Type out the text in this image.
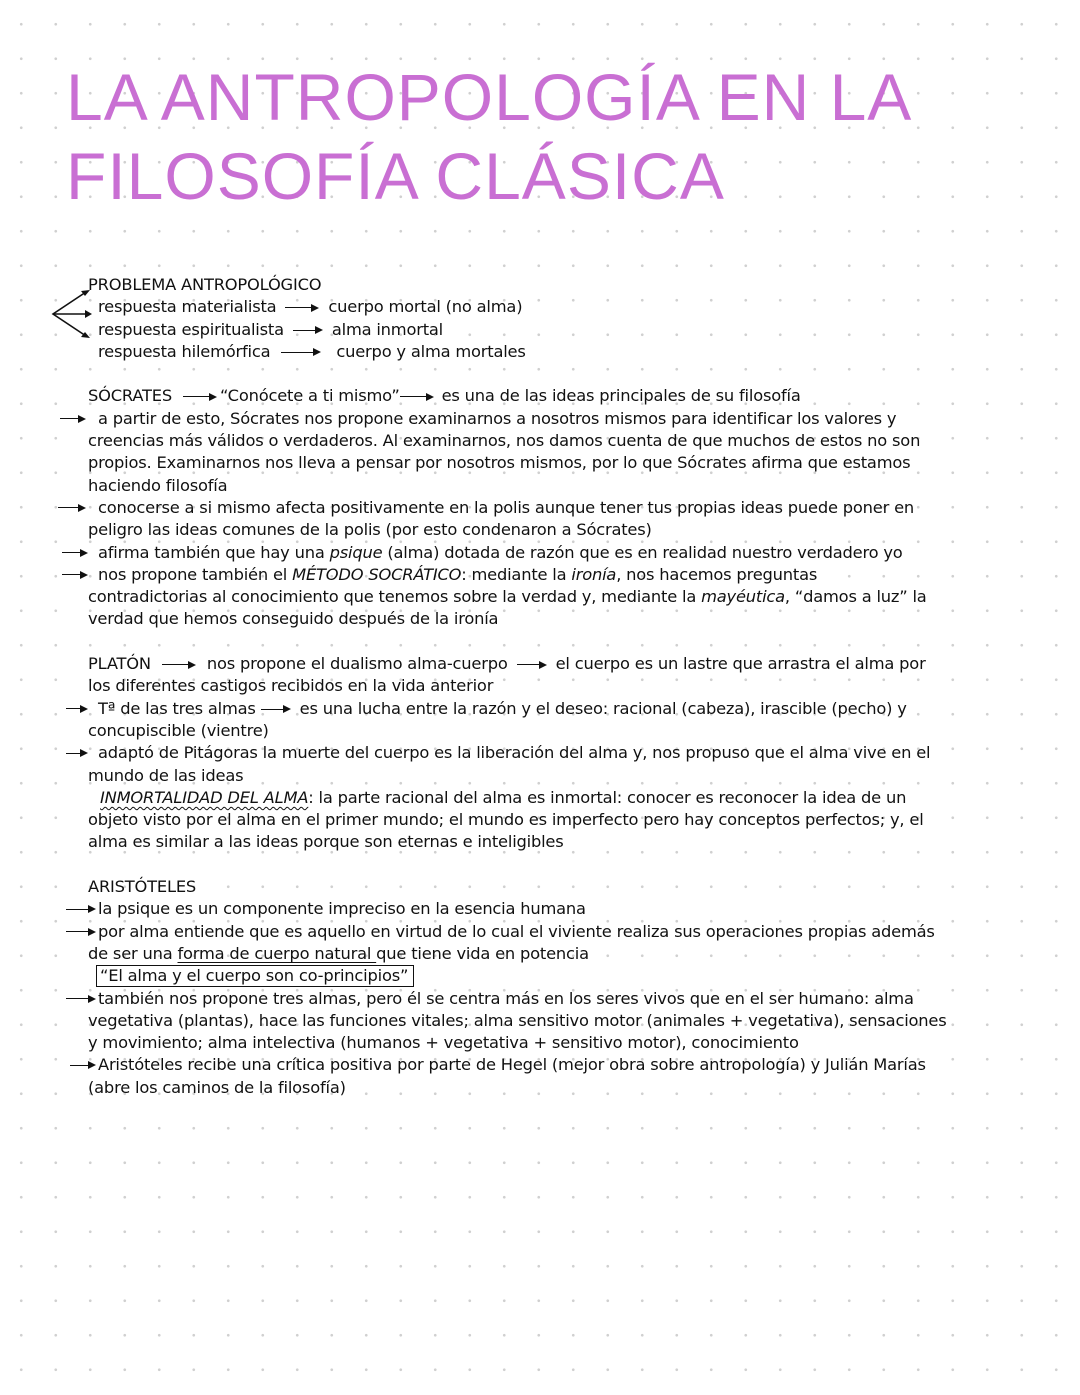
LA ANTROPOLOGÍA EN LA
FILOSOFÍA CLÁSICA
PROBLEMA ANTROPOLÓGICO
respuesta materialista	cuerpo mortal (no alma)
respuesta espiritualista	alma inmortal
respuesta hilemórfica	cuerpo y alma mortales
SÓCRATES	“Conócete a ti mismo”	es una de las ideas principales de su filosofía
a partir de esto, Sócrates nos propone examinarnos a nosotros mismos para identificar los valores y
creencias más válidos o verdaderos. Al examinarnos, nos damos cuenta de que muchos de estos no son
propios. Examinarnos nos lleva a pensar por nosotros mismos, por lo que Sócrates afirma que estamos
haciendo filosofía
conocerse a si mismo afecta positivamente en la polis aunque tener tus propias ideas puede poner en
peligro las ideas comunes de la polis (por esto condenaron a Sócrates)
afirma también que hay una psique (alma) dotada de razón que es en realidad nuestro verdadero yo
nos propone también el MÉTODO SOCRÁTICO: mediante la ironía, nos hacemos preguntas
contradictorias al conocimiento que tenemos sobre la verdad y, mediante la mayéutica, “damos a luz” la
verdad que hemos conseguido después de la ironía
PLATÓN	nos propone el dualismo alma-cuerpo	el cuerpo es un lastre que arrastra el alma por
los diferentes castigos recibidos en la vida anterior
Tª de las tres almas	es una lucha entre la razón y el deseo: racional (cabeza), irascible (pecho) y
concupiscible (vientre)
adaptó de Pitágoras la muerte del cuerpo es la liberación del alma y, nos propuso que el alma vive en el
mundo de las ideas
INMORTALIDAD DEL ALMA: la parte racional del alma es inmortal: conocer es reconocer la idea de un
objeto visto por el alma en el primer mundo; el mundo es imperfecto pero hay conceptos perfectos; y, el
alma es similar a las ideas porque son eternas e inteligibles
ARISTÓTELES
la psique es un componente impreciso en la esencia humana
por alma entiende que es aquello en virtud de lo cual el viviente realiza sus operaciones propias además
de ser una forma de cuerpo natural que tiene vida en potencia
“El alma y el cuerpo son co-principios”
también nos propone tres almas, pero él se centra más en los seres vivos que en el ser humano: alma
vegetativa (plantas), hace las funciones vitales; alma sensitivo motor (animales + vegetativa), sensaciones
y movimiento; alma intelectiva (humanos + vegetativa + sensitivo motor), conocimiento
Aristóteles recibe una crítica positiva por parte de Hegel (mejor obra sobre antropología) y Julián Marías
(abre los caminos de la filosofía)
